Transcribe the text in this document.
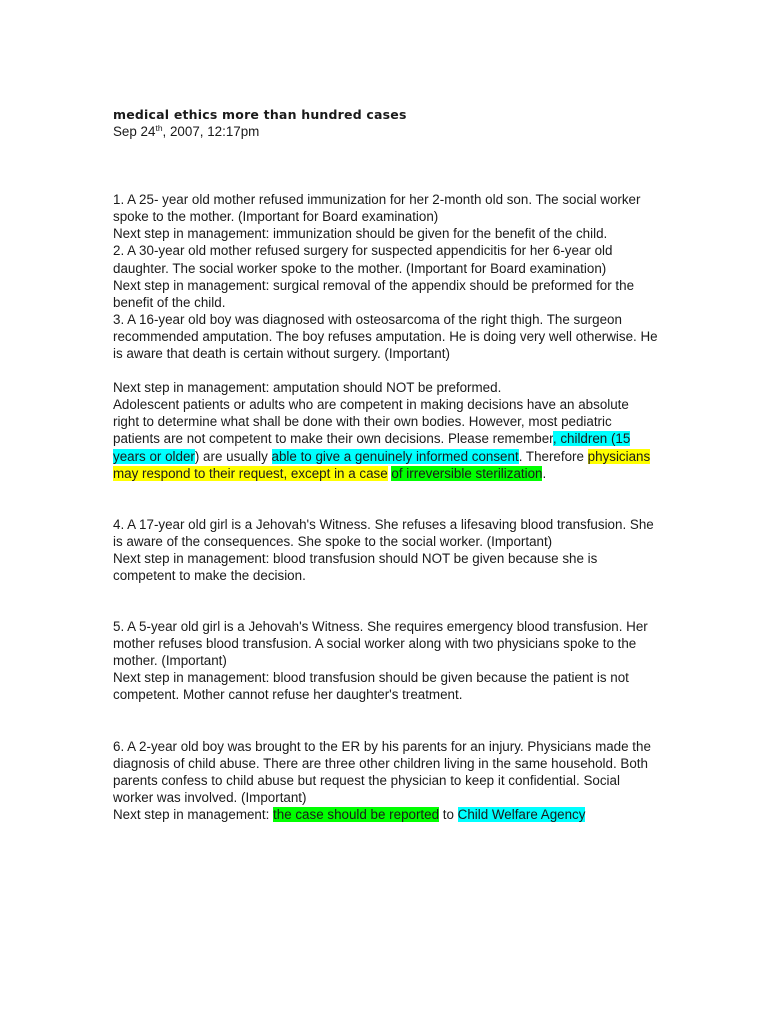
medical ethics more than hundred cases
Sep 24th, 2007, 12:17pm

1. A 25- year old mother refused immunization for her 2-month old son. The social worker spoke to the mother. (Important for Board examination)

Next step in management: immunization should be given for the benefit of the child.

2. A 30-year old mother refused surgery for suspected appendicitis for her 6-year old daughter. The social worker spoke to the mother. (Important for Board examination)

Next step in management: surgical removal of the appendix should be preformed for the benefit of the child.

3. A 16-year old boy was diagnosed with osteosarcoma of the right thigh. The surgeon recommended amputation. The boy refuses amputation. He is doing very well otherwise. He is aware that death is certain without surgery. (Important)

Next step in management: amputation should NOT be preformed.

Adolescent patients or adults who are competent in making decisions have an absolute right to determine what shall be done with their own bodies. However, most pediatric patients are not competent to make their own decisions. Please remember, children (15 years or older) are usually able to give a genuinely informed consent. Therefore physicians may respond to their request, except in a case of irreversible sterilization.

4. A 17-year old girl is a Jehovah's Witness. She refuses a lifesaving blood transfusion. She is aware of the consequences. She spoke to the social worker. (Important)

Next step in management: blood transfusion should NOT be given because she is competent to make the decision.

5. A 5-year old girl is a Jehovah's Witness. She requires emergency blood transfusion. Her mother refuses blood transfusion. A social worker along with two physicians spoke to the mother. (Important)

Next step in management: blood transfusion should be given because the patient is not competent. Mother cannot refuse her daughter's treatment.

6. A 2-year old boy was brought to the ER by his parents for an injury. Physicians made the diagnosis of child abuse. There are three other children living in the same household. Both parents confess to child abuse but request the physician to keep it confidential. Social worker was involved. (Important)

Next step in management: the case should be reported to Child Welfare Agency
